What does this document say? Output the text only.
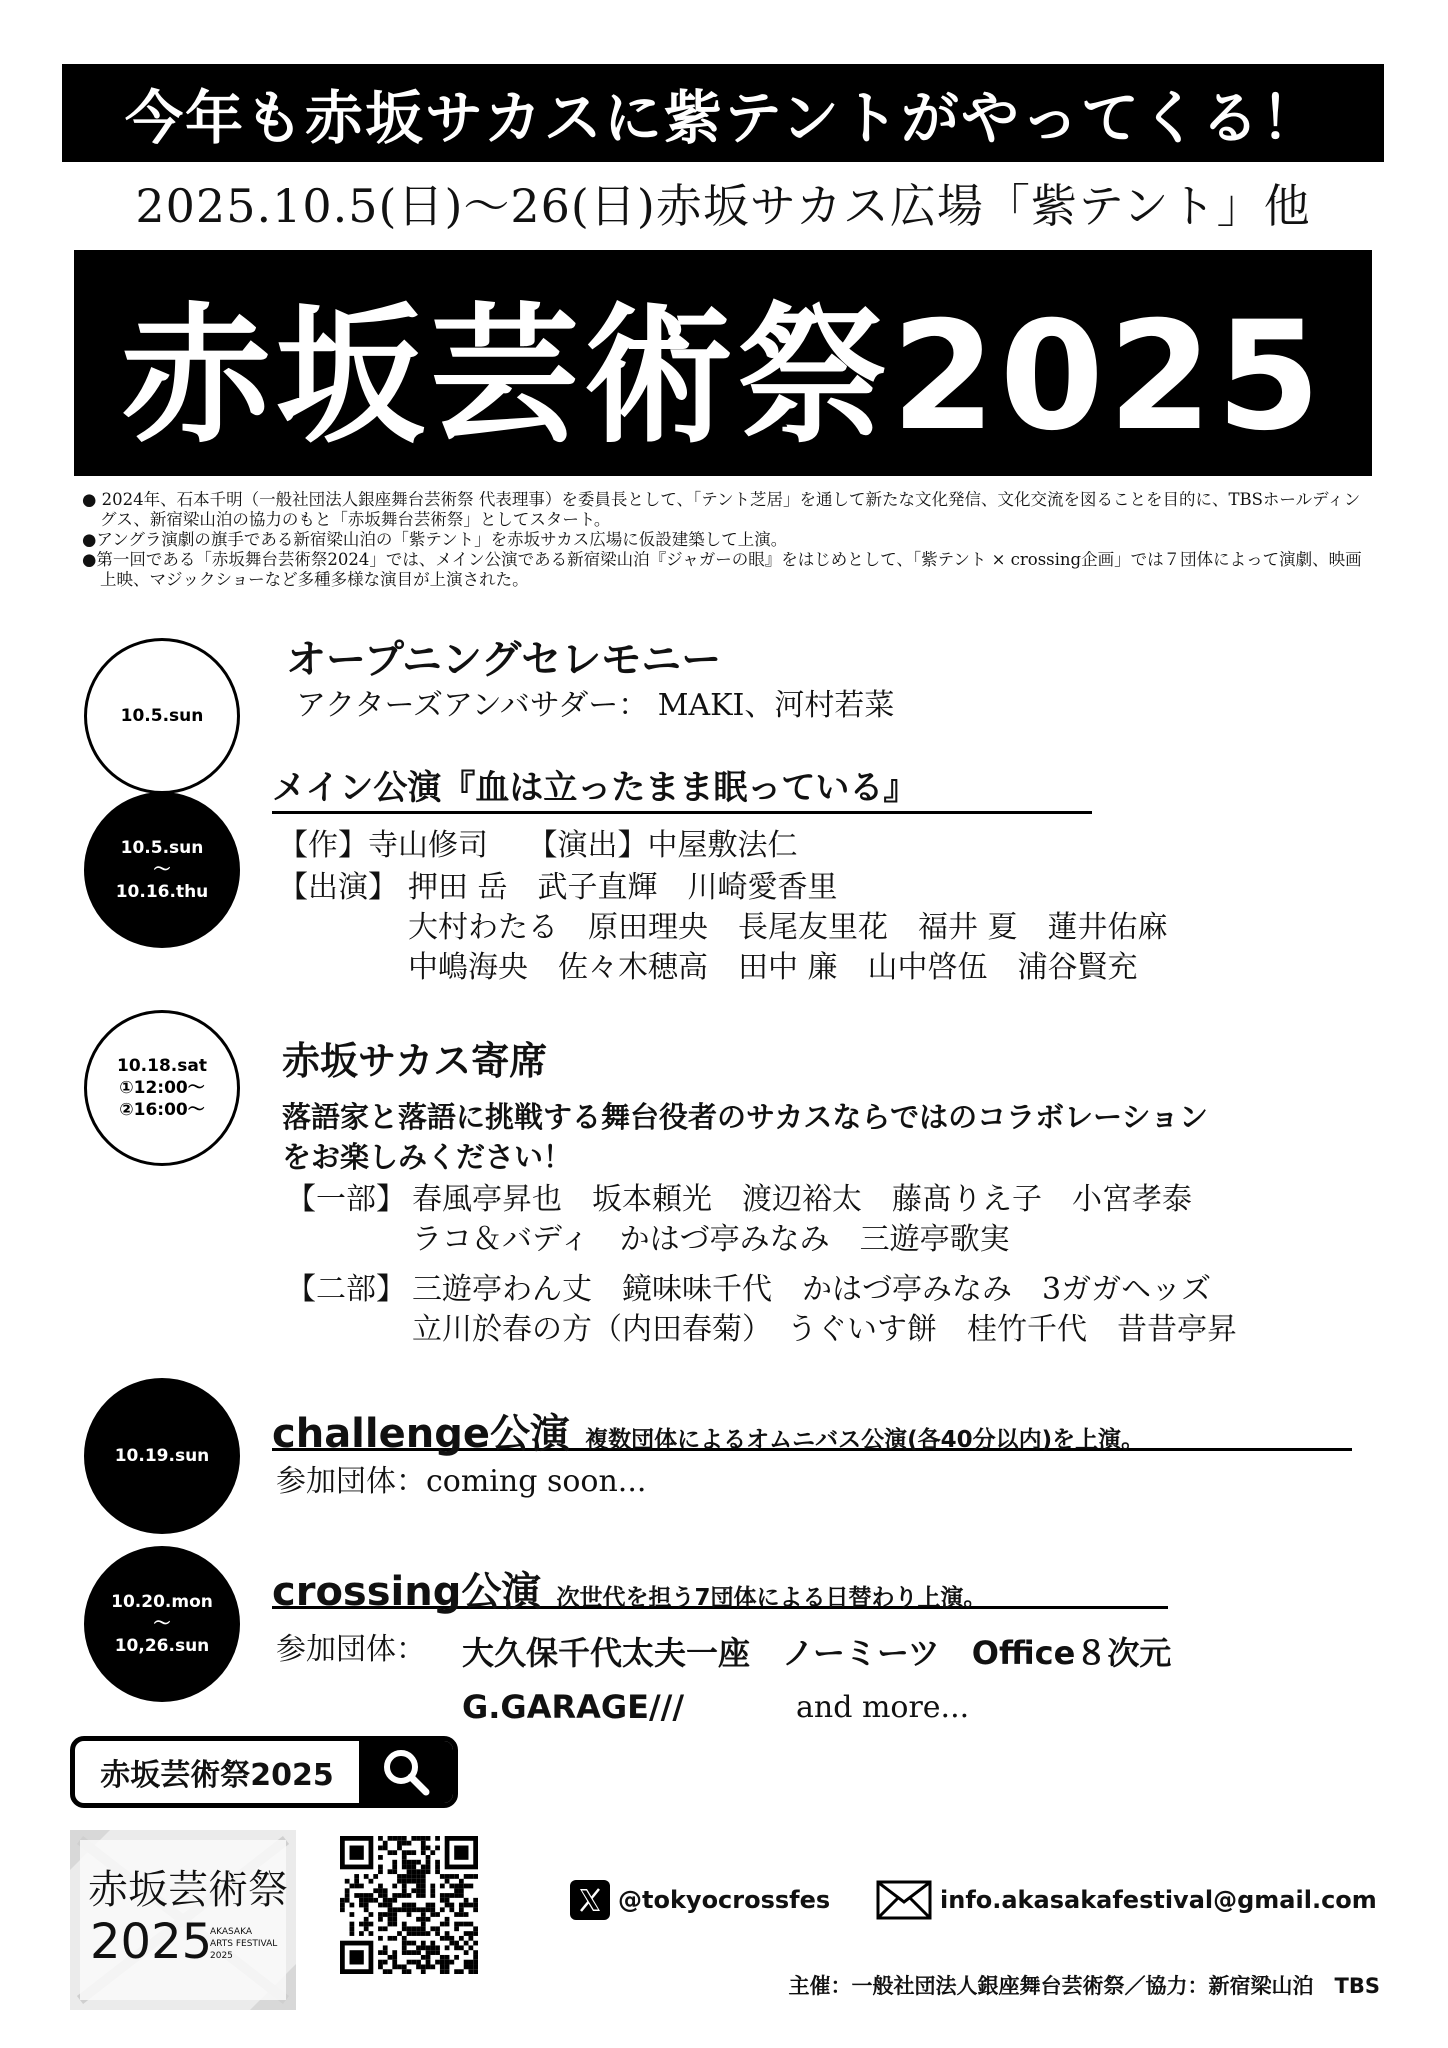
今年も赤坂サカスに紫テントがやってくる！
2025.10.5(日)〜26(日)赤坂サカス広場「紫テント」他
赤坂芸術祭2025

● 2024年、石本千明（一般社団法人銀座舞台芸術祭 代表理事）を委員長として、「テント芝居」を通して新たな文化発信、文化交流を図ることを目的に、TBSホールディングス、新宿梁山泊の協力のもと「赤坂舞台芸術祭」としてスタート。

●アングラ演劇の旗手である新宿梁山泊の「紫テント」を赤坂サカス広場に仮設建築して上演。

●第一回である「赤坂舞台芸術祭2024」では、メイン公演である新宿梁山泊『ジャガーの眼』をはじめとして、「紫テント × crossing企画」では７団体によって演劇、映画上映、マジックショーなど多種多様な演目が上演された。

10.5.sun
オープニングセレモニー
アクターズアンバサダー： MAKI、河村若菜
10.5.sun
〜
10.16.thu
メイン公演『血は立ったまま眠っている』
【作】寺山修司　 【演出】中屋敷法仁
【出演】 押田 岳　武子直輝　川崎愛香里
大村わたる　原田理央　長尾友里花　福井 夏　蓮井佑麻
中嶋海央　佐々木穂高　田中 廉　山中啓伍　浦谷賢充
10.18.sat
①12:00〜
②16:00〜
赤坂サカス寄席
落語家と落語に挑戦する舞台役者のサカスならではのコラボレーション
をお楽しみください！
【一部】 春風亭昇也　坂本頼光　渡辺裕太　藤髙りえ子　小宮孝泰
ラコ＆バディ　かはづ亭みなみ　三遊亭歌実
【二部】 三遊亭わん丈　鏡味味千代　かはづ亭みなみ　3ガガヘッズ
立川於春の方（内田春菊）　うぐいす餅　桂竹千代　昔昔亭昇
10.19.sun challenge公演 複数団体によるオムニバス公演(各40分以内)を上演。
参加団体：coming soon...
10.20.mon
〜
10,26.sun
crossing公演 次世代を担う7団体による日替わり上演。
参加団体： 大久保千代太夫一座　ノーミーツ　Office８次元
G.GARAGE///	and more...
赤坂芸術祭2025
赤坂芸術祭
2025
AKASAKA
ARTS FESTIVAL
2025
@tokyocrossfes	info.akasakafestival@gmail.com
主催：一般社団法人銀座舞台芸術祭／協力：新宿梁山泊　TBS
